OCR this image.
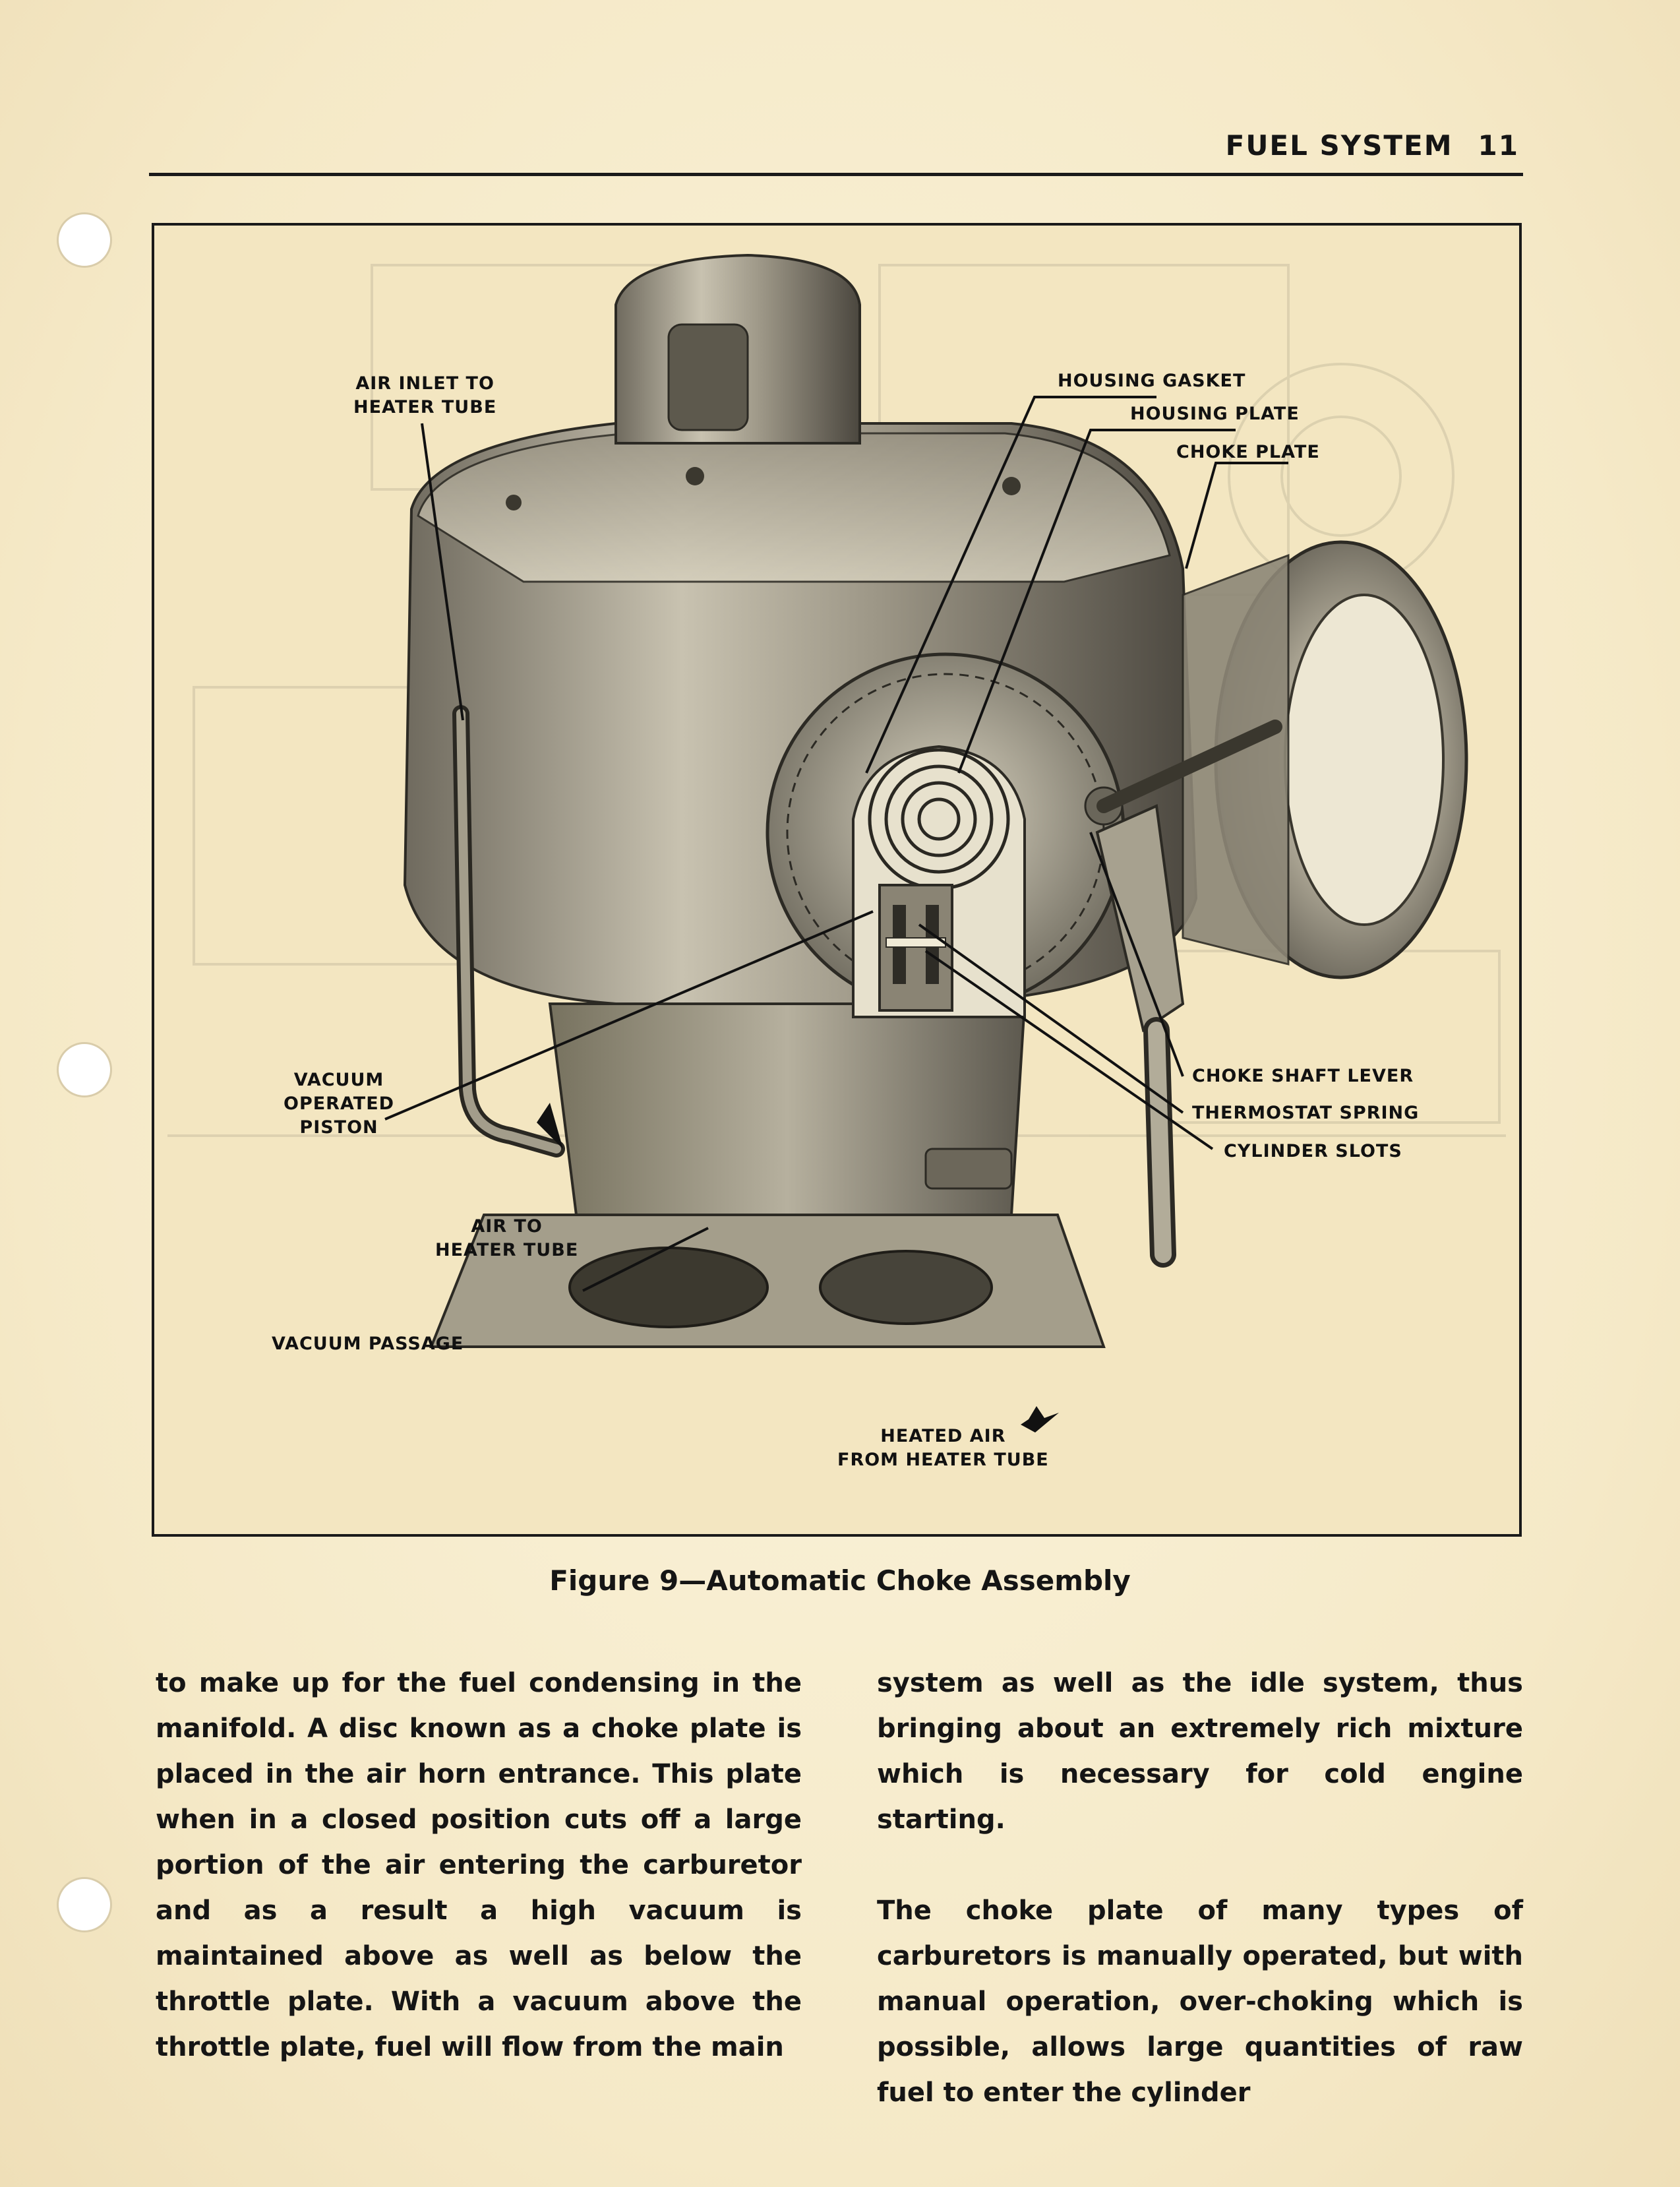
FUEL SYSTEM 11
AIR INLET TO
HEATER TUBE
HOUSING GASKET
HOUSING PLATE
CHOKE PLATE
VACUUM
OPERATED
PISTON
CHOKE SHAFT LEVER
THERMOSTAT SPRING
CYLINDER SLOTS
AIR TO
HEATER TUBE
VACUUM PASSAGE
HEATED AIR
FROM HEATER TUBE
Figure 9—Automatic Choke Assembly

to make up for the fuel condensing in the manifold. A disc known as a choke plate is placed in the air horn entrance. This plate when in a closed position cuts off a large portion of the air entering the carburetor and as a result a high vacuum is maintained above as well as below the throttle plate. With a vacuum above the throttle plate, fuel will flow from the main

system as well as the idle system, thus bringing about an extremely rich mixture which is necessary for cold engine starting.

The choke plate of many types of carburetors is manually operated, but with manual operation, over-choking which is possible, allows large quantities of raw fuel to enter the cylinder
